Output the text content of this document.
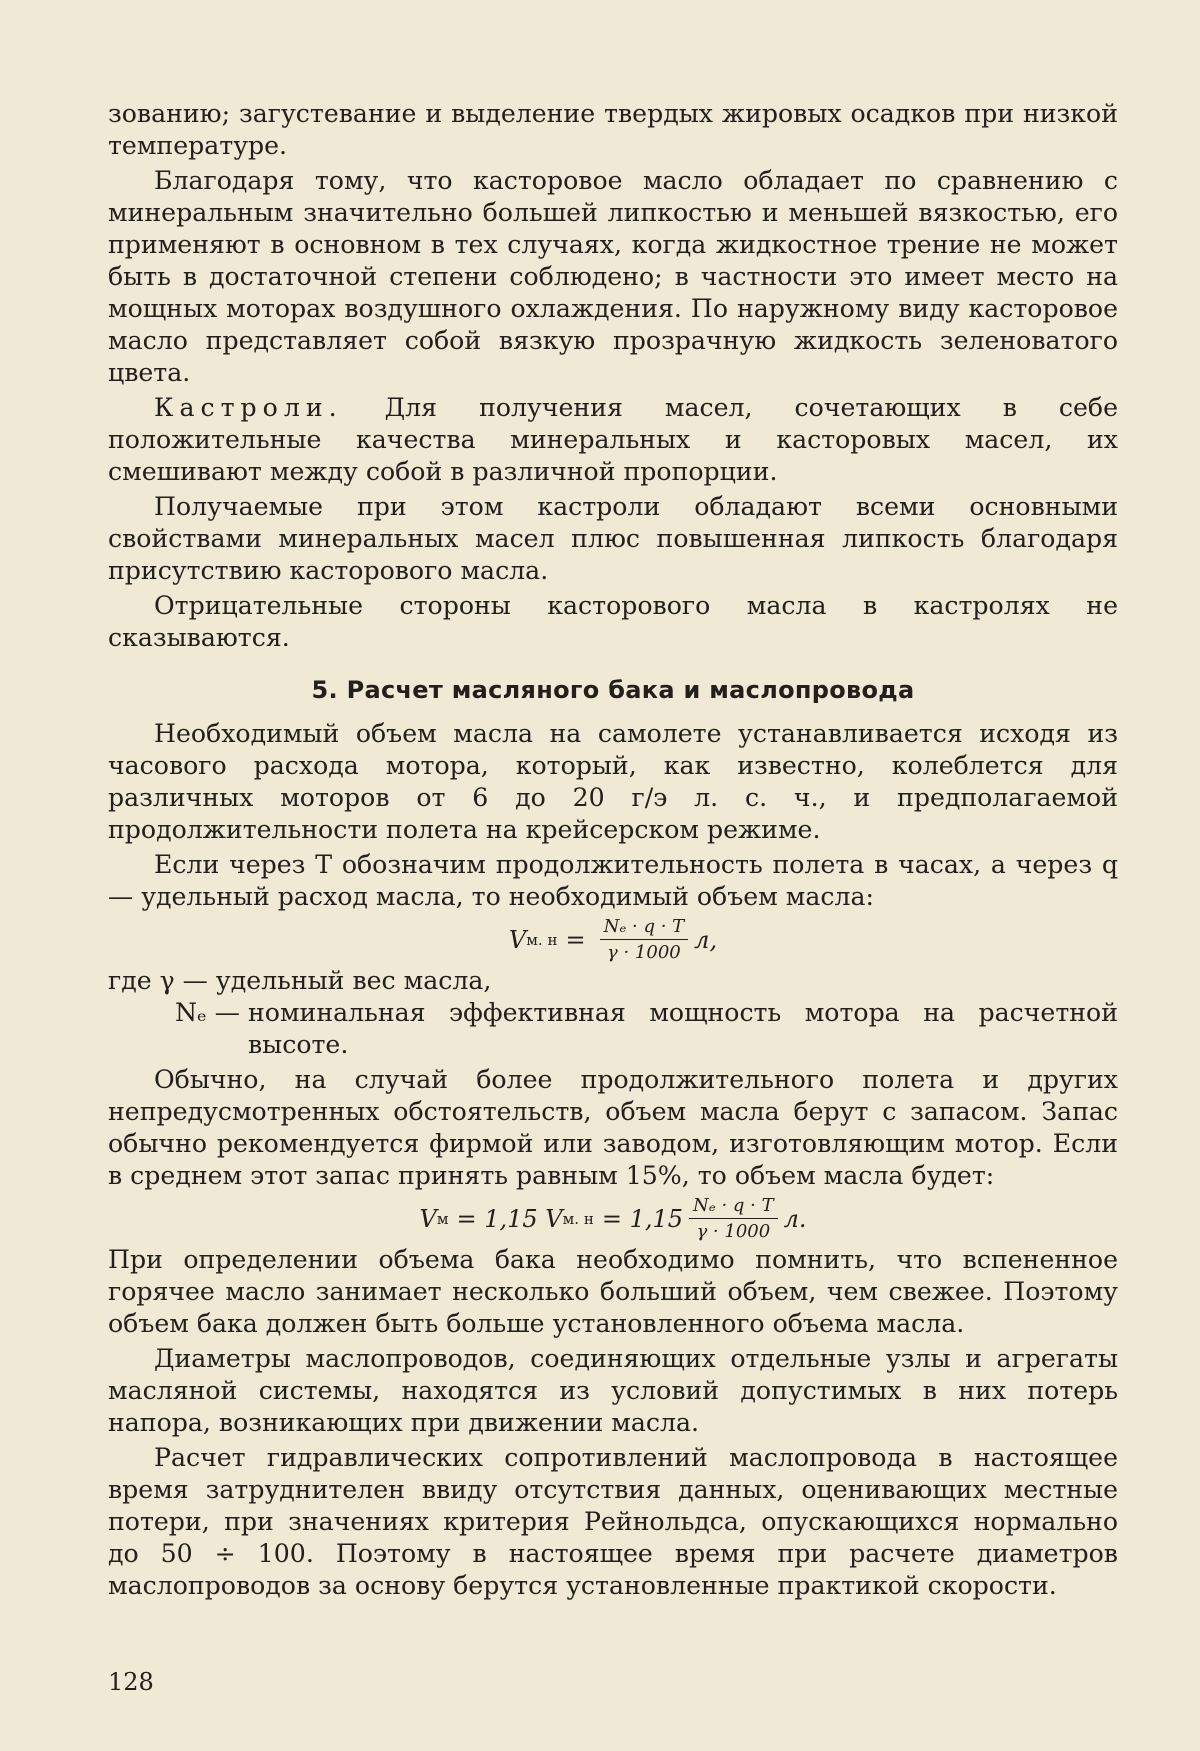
зованию; загустевание и выделение твердых жировых осадков при низкой температуре.

Благодаря тому, что касторовое масло обладает по сравнению с минеральным значительно большей липкостью и меньшей вязкостью, его применяют в основном в тех случаях, когда жидкостное трение не может быть в достаточной степени соблюдено; в частности это имеет место на мощных моторах воздушного охлаждения. По наружному виду касторовое масло представляет собой вязкую прозрачную жидкость зеленоватого цвета.

Кастроли. Для получения масел, сочетающих в себе положительные качества минеральных и касторовых масел, их смешивают между собой в различной пропорции.

Получаемые при этом кастроли обладают всеми основными свойствами минеральных масел плюс повышенная липкость благодаря присутствию касторового масла.

Отрицательные стороны касторового масла в кастролях не сказываются.

5. Расчет масляного бака и маслопровода

Необходимый объем масла на самолете устанавливается исходя из часового расхода мотора, который, как известно, колеблется для различных моторов от 6 до 20 г/э л. с. ч., и предполагаемой продолжительности полета на крейсерском режиме.

Если через T обозначим продолжительность полета в часах, а через q — удельный расход масла, то необходимый объем масла:

V м. $н = \frac{\text{Nₑ · q · T}}{\gamma \cdot 1000} л$,
где γ — удельный вес масла,
Nₑ — номинальная эффективная мощность мотора на расчетной высоте.

Обычно, на случай более продолжительного полета и других непредусмотренных обстоятельств, объем масла берут с запасом. Запас обычно рекомендуется фирмой или заводом, изготовляющим мотор. Если в среднем этот запас принять равным 15%, то объем масла будет:

V м = 1,15 V м. $н = 1,15 \frac{\text{Nₑ · q · T}}{\gamma \cdot 1000} л$.

При определении объема бака необходимо помнить, что вспененное горячее масло занимает несколько больший объем, чем свежее. Поэтому объем бака должен быть больше установленного объема масла.

Диаметры маслопроводов, соединяющих отдельные узлы и агрегаты масляной системы, находятся из условий допустимых в них потерь напора, возникающих при движении масла.

Расчет гидравлических сопротивлений маслопровода в настоящее время затруднителен ввиду отсутствия данных, оценивающих местные потери, при значениях критерия Рейнольдса, опускающихся нормально до 50 ÷ 100. Поэтому в настоящее время при расчете диаметров маслопроводов за основу берутся установленные практикой скорости.

128
